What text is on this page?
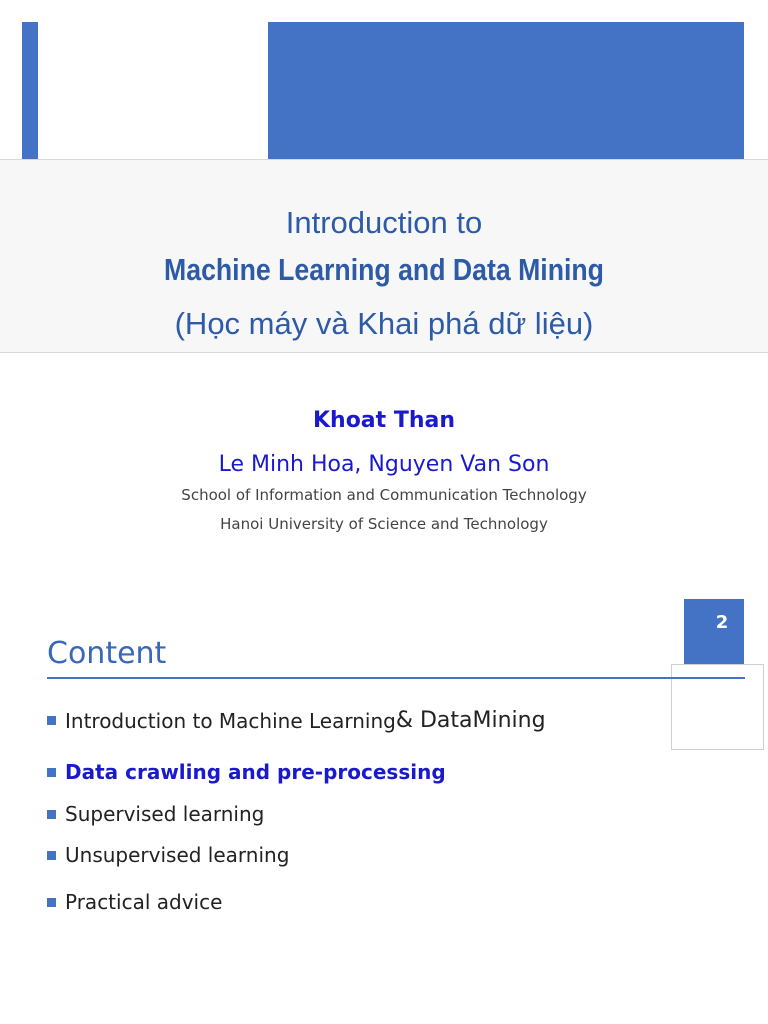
Introduction to
Machine Learning and Data Mining
(Học máy và Khai phá dữ liệu)
Khoat Than
Le Minh Hoa, Nguyen Van Son
School of Information and Communication Technology
Hanoi University of Science and Technology
2
Content
Introduction to Machine Learning & Data Mining
Data crawling and pre-processing
Supervised learning
Unsupervised learning
Practical advice
